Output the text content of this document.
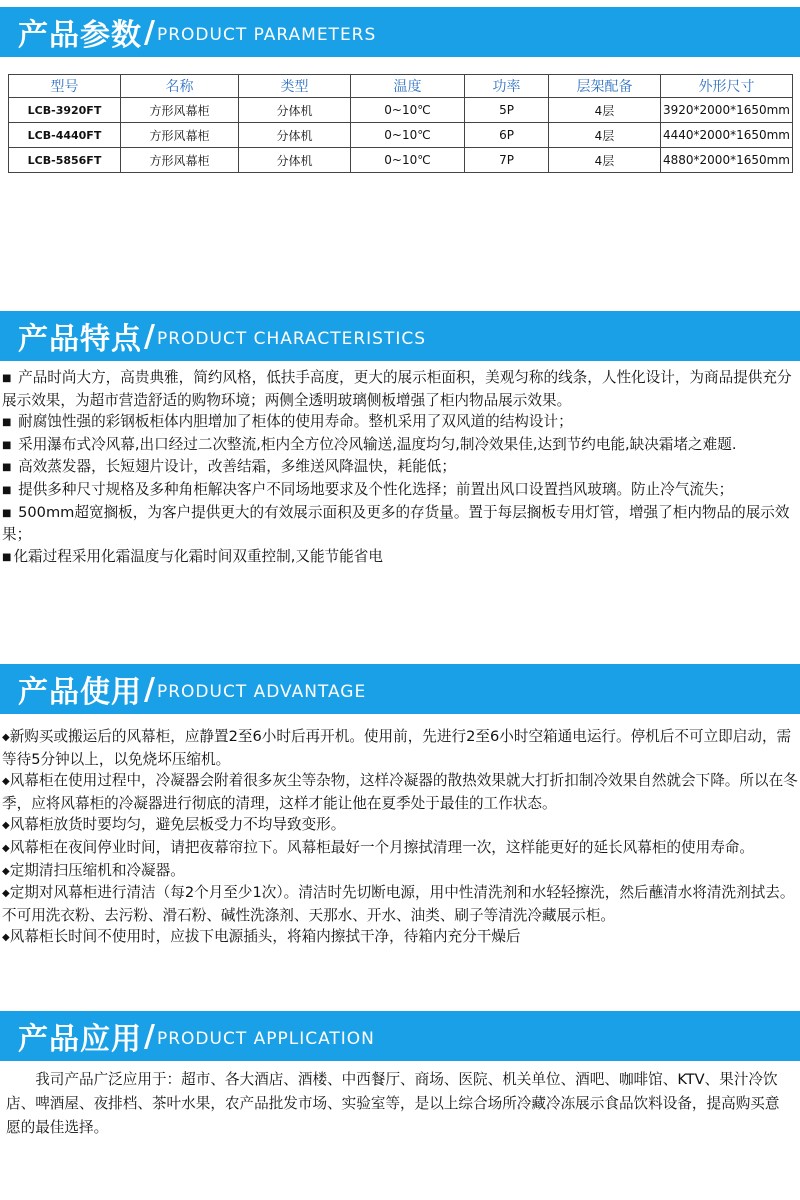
产品参数 / PRODUCT PARAMETERS
型号	名称	类型	温度	功率	层架配备	外形尺寸
LCB-3920FT	方形风幕柜	分体机	0~10℃	5P	4层	3920*2000*1650mm
LCB-4440FT	方形风幕柜	分体机	0~10℃	6P	4层	4440*2000*1650mm
LCB-5856FT	方形风幕柜	分体机	0~10℃	7P	4层	4880*2000*1650mm
产品特点 / PRODUCT CHARACTERISTICS

■ 产品时尚大方，高贵典雅，简约风格，低扶手高度，更大的展示柜面积，美观匀称的线条，人性化设计，为商品提供充分展示效果，为超市营造舒适的购物环境；两侧全透明玻璃侧板增强了柜内物品展示效果。

■ 耐腐蚀性强的彩钢板柜体内胆增加了柜体的使用寿命。整机采用了双风道的结构设计；

■ 采用瀑布式冷风幕,出口经过二次整流,柜内全方位冷风输送,温度均匀,制冷效果佳,达到节约电能,缺决霜堵之难题.

■ 高效蒸发器，长短翅片设计，改善结霜，多维送风降温快，耗能低；

■ 提供多种尺寸规格及多种角柜解决客户不同场地要求及个性化选择；前置出风口设置挡风玻璃。防止冷气流失；

■ 500mm超宽搁板，为客户提供更大的有效展示面积及更多的存货量。置于每层搁板专用灯管，增强了柜内物品的展示效果；

■ 化霜过程采用化霜温度与化霜时间双重控制,又能节能省电

产品使用 / PRODUCT ADVANTAGE

◆新购买或搬运后的风幕柜，应静置2至6小时后再开机。使用前，先进行2至6小时空箱通电运行。停机后不可立即启动，需等待5分钟以上，以免烧坏压缩机。

◆风幕柜在使用过程中，冷凝器会附着很多灰尘等杂物，这样冷凝器的散热效果就大打折扣制冷效果自然就会下降。所以在冬季，应将风幕柜的冷凝器进行彻底的清理，这样才能让他在夏季处于最佳的工作状态。

◆风幕柜放货时要均匀，避免层板受力不均导致变形。

◆风幕柜在夜间停业时间，请把夜幕帘拉下。风幕柜最好一个月擦拭清理一次，这样能更好的延长风幕柜的使用寿命。

◆定期清扫压缩机和冷凝器。

◆定期对风幕柜进行清洁（每2个月至少1次）。清洁时先切断电源，用中性清洗剂和水轻轻擦洗，然后蘸清水将清洗剂拭去。不可用洗衣粉、去污粉、滑石粉、碱性洗涤剂、天那水、开水、油类、刷子等清洗冷藏展示柜。

◆风幕柜长时间不使用时，应拔下电源插头，将箱内擦拭干净，待箱内充分干燥后

产品应用 / PRODUCT APPLICATION

我司产品广泛应用于：超市、各大酒店、酒楼、中西餐厅、商场、医院、机关单位、酒吧、咖啡馆、KTV、果汁冷饮店、啤酒屋、夜排档、茶叶水果，农产品批发市场、实验室等，是以上综合场所冷藏冷冻展示食品饮料设备，提高购买意愿的最佳选择。
